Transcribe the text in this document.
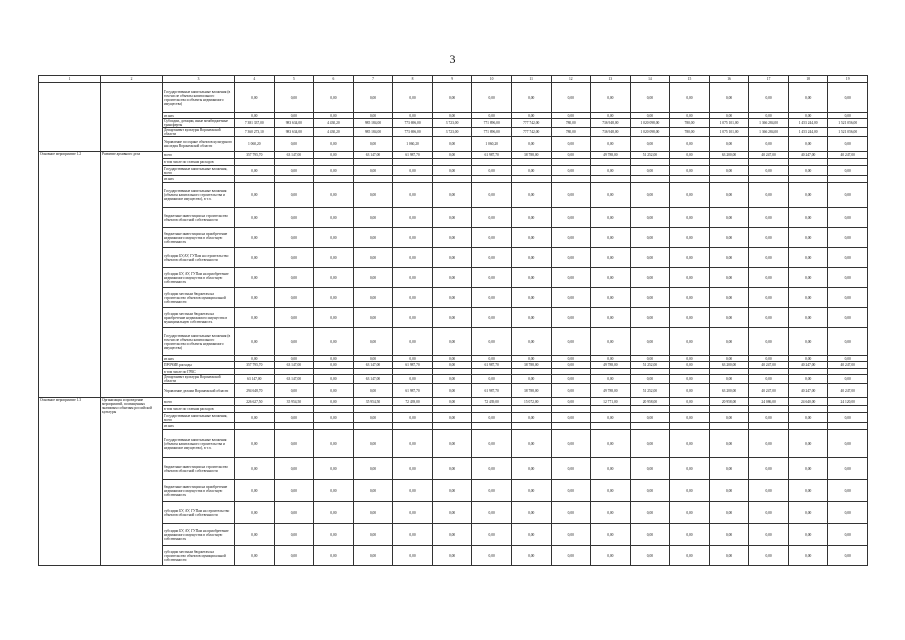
3
1	2	3	4	5	6	7	8	9	10	11	12	13	14	15	16	17	18	19
		Государственные капитальные вложения (в том числе объекты капитального строительства и объекты недвижимого имущества)	0,00	0,00	0,00	0,00	0,00	0,00	0,00	0,00	0,00	0,00	0,00	0,00	0,00	0,00	0,00	0,00
		из них	0,00	0,00	0,00	0,00	0,00	0,00	0,00	0,00	0,00	0,00	0,00	0,00	0,00	0,00	0,00	0,00
		Субсидии, дотации, иные межбюджетные трансферты	7 381 337,00	983 634,00	4 430,20	985 184,00	773 696,00	3 723,00	771 896,00	777 742,00	780,00	736 948,00	1 020 098,00	780,00	1 075 101,00	1 366 284,00	1 453 244,00	1 521 056,00
		Департамент культуры Воронежской области	7 360 273,10	983 634,00	4 430,20	985 184,00	773 696,00	3 723,00	771 896,00	777 742,00	780,00	736 948,00	1 020 098,00	780,00	1 075 101,00	1 366 284,00	1 453 244,00	1 521 056,00
		Управление по охране объектов культурного наследия Воронежской области	1 060,20	0,00	0,00	0,00	1 060,20	0,00	1 060,20	0,00	0,00	0,00	0,00	0,00	0,00	0,00	0,00	0,00
Основное мероприятие 1.2	Развитие архивного дела	всего	357 795,70	63 147,00	0,00	63 147,00	61 987,70	0,00	61 987,70	38 788,00	0,00	49 788,00	51 252,00	0,00	63 200,00	40 247,00	40 247,00	40 247,00
		в том числе по статьям расходов																
		Государственные капитальные вложения, всего	0,00	0,00	0,00	0,00	0,00	0,00	0,00	0,00	0,00	0,00	0,00	0,00	0,00	0,00	0,00	0,00
		из них																
		Государственные капитальные вложения (объекты капитального строительства и недвижимое имущество), в т.ч.	0,00	0,00	0,00	0,00	0,00	0,00	0,00	0,00	0,00	0,00	0,00	0,00	0,00	0,00	0,00	0,00
		бюджетные инвестиции на строительство объектов областной собственности	0,00	0,00	0,00	0,00	0,00	0,00	0,00	0,00	0,00	0,00	0,00	0,00	0,00	0,00	0,00	0,00
		бюджетные инвестиции на приобретение недвижимого имущества в областную собственность	0,00	0,00	0,00	0,00	0,00	0,00	0,00	0,00	0,00	0,00	0,00	0,00	0,00	0,00	0,00	0,00
		субсидии БУ,АУ, ГУПам на строительство объектов областной собственности	0,00	0,00	0,00	0,00	0,00	0,00	0,00	0,00	0,00	0,00	0,00	0,00	0,00	0,00	0,00	0,00
		субсидии БУ, АУ, ГУПам на приобретение недвижимого имущества в областную собственность	0,00	0,00	0,00	0,00	0,00	0,00	0,00	0,00	0,00	0,00	0,00	0,00	0,00	0,00	0,00	0,00
		субсидии местным бюджетам на строительство объектов муниципальной собственности	0,00	0,00	0,00	0,00	0,00	0,00	0,00	0,00	0,00	0,00	0,00	0,00	0,00	0,00	0,00	0,00
		субсидии местным бюджетам на приобретение недвижимого имущества в муниципальную собственность	0,00	0,00	0,00	0,00	0,00	0,00	0,00	0,00	0,00	0,00	0,00	0,00	0,00	0,00	0,00	0,00
		Государственные капитальные вложения (в том числе объекты капитального строительства и объекты недвижимого имущества)	0,00	0,00	0,00	0,00	0,00	0,00	0,00	0,00	0,00	0,00	0,00	0,00	0,00	0,00	0,00	0,00
		из них	0,00	0,00	0,00	0,00	0,00	0,00	0,00	0,00	0,00	0,00	0,00	0,00	0,00	0,00	0,00	0,00
		ПРОЧИЕ расходы	357 795,70	63 147,00	0,00	63 147,00	61 987,70	0,00	61 987,70	38 788,00	0,00	49 788,00	51 252,00	0,00	63 200,00	40 247,00	40 247,00	40 247,00
		в том числе по ГРБС																
		Департамент культуры Воронежской области	63 147,00	63 147,00	0,00	63 147,00	0,00	0,00	0,00	0,00	0,00	0,00	0,00	0,00	0,00	0,00	0,00	0,00
		Управление делами Воронежской области	294 648,70	0,00	0,00	0,00	61 987,70	0,00	61 987,70	38 788,00	0,00	49 788,00	51 252,00	0,00	63 200,00	40 247,00	40 247,00	40 247,00
Основное мероприятие 1.3	Организация и проведение мероприятий, посвященных значимым событиям российской культуры	всего	226 627,50	35 954,50	0,00	35 954,50	72 439,00	0,00	72 439,00	15 072,00	0,00	12 771,00	20 958,00	0,00	20 958,00	24 086,00	24 640,00	24 120,00
		в том числе по статьям расходов																
		Государственные капитальные вложения, всего	0,00	0,00	0,00	0,00	0,00	0,00	0,00	0,00	0,00	0,00	0,00	0,00	0,00	0,00	0,00	0,00
		из них																
		Государственные капитальные вложения (объекты капитального строительства и недвижимое имущество), в т.ч.	0,00	0,00	0,00	0,00	0,00	0,00	0,00	0,00	0,00	0,00	0,00	0,00	0,00	0,00	0,00	0,00
		бюджетные инвестиции на строительство объектов областной собственности	0,00	0,00	0,00	0,00	0,00	0,00	0,00	0,00	0,00	0,00	0,00	0,00	0,00	0,00	0,00	0,00
		бюджетные инвестиции на приобретение недвижимого имущества в областную собственность	0,00	0,00	0,00	0,00	0,00	0,00	0,00	0,00	0,00	0,00	0,00	0,00	0,00	0,00	0,00	0,00
		субсидии БУ, АУ, ГУПам на строительство объектов областной собственности	0,00	0,00	0,00	0,00	0,00	0,00	0,00	0,00	0,00	0,00	0,00	0,00	0,00	0,00	0,00	0,00
		субсидии БУ, АУ, ГУПам на приобретение недвижимого имущества в областную собственность	0,00	0,00	0,00	0,00	0,00	0,00	0,00	0,00	0,00	0,00	0,00	0,00	0,00	0,00	0,00	0,00
		субсидии местным бюджетам на строительство объектов муниципальной собственности	0,00	0,00	0,00	0,00	0,00	0,00	0,00	0,00	0,00	0,00	0,00	0,00	0,00	0,00	0,00	0,00
